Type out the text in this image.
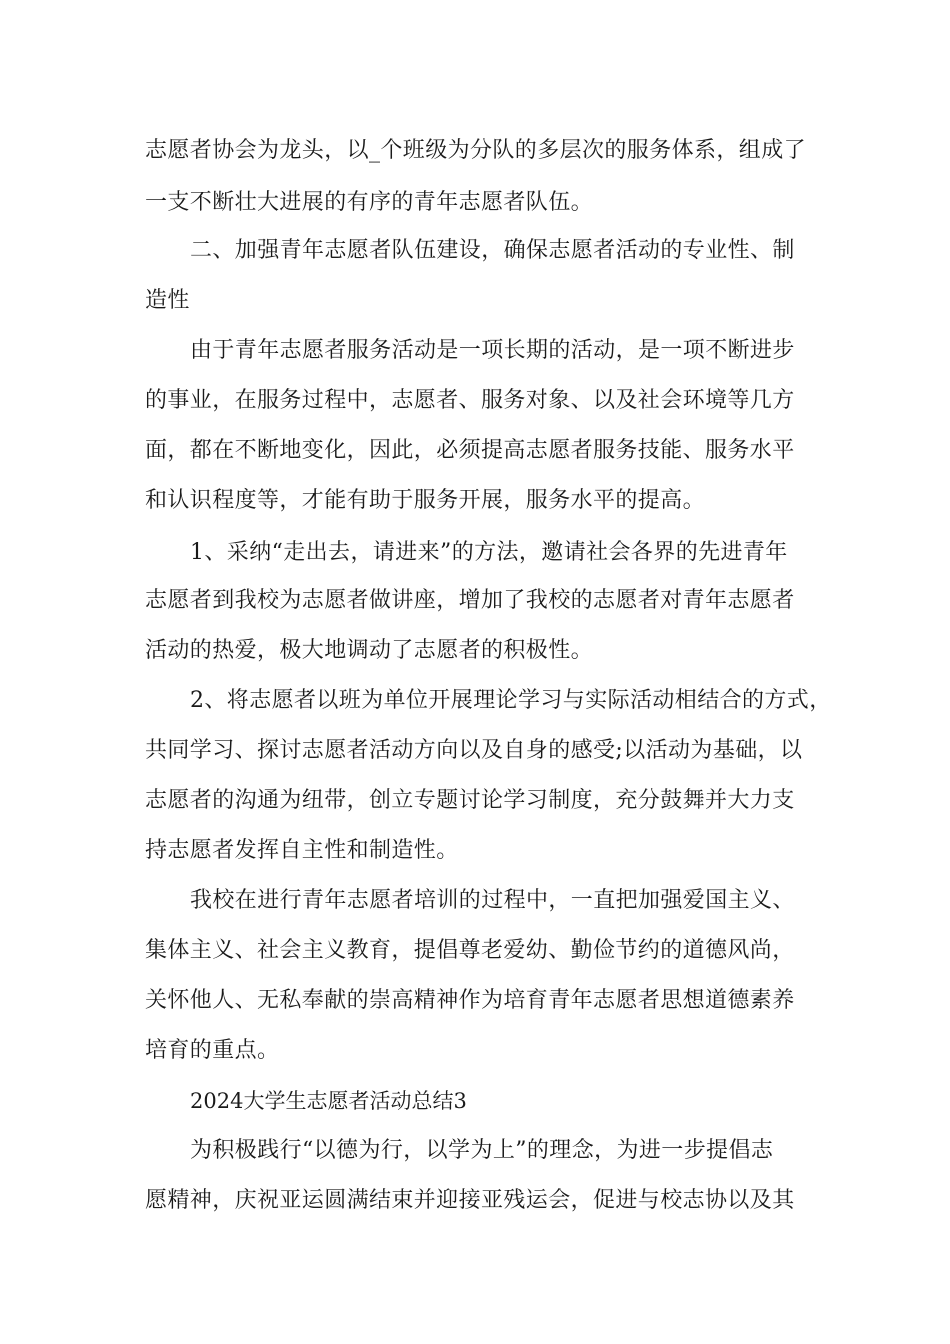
志愿者协会为龙头，以_个班级为分队的多层次的服务体系，组成了
一支不断壮大进展的有序的青年志愿者队伍。
二、加强青年志愿者队伍建设，确保志愿者活动的专业性、制
造性
由于青年志愿者服务活动是一项长期的活动，是一项不断进步
的事业，在服务过程中，志愿者、服务对象、以及社会环境等几方
面，都在不断地变化，因此，必须提高志愿者服务技能、服务水平
和认识程度等，才能有助于服务开展，服务水平的提高。
1、采纳“走出去，请进来”的方法，邀请社会各界的先进青年
志愿者到我校为志愿者做讲座，增加了我校的志愿者对青年志愿者
活动的热爱，极大地调动了志愿者的积极性。
2、将志愿者以班为单位开展理论学习与实际活动相结合的方式，
共同学习、探讨志愿者活动方向以及自身的感受;以活动为基础，以
志愿者的沟通为纽带，创立专题讨论学习制度，充分鼓舞并大力支
持志愿者发挥自主性和制造性。
我校在进行青年志愿者培训的过程中，一直把加强爱国主义、
集体主义、社会主义教育，提倡尊老爱幼、勤俭节约的道德风尚，
关怀他人、无私奉献的崇高精神作为培育青年志愿者思想道德素养
培育的重点。
2024大学生志愿者活动总结3
为积极践行“以德为行，以学为上”的理念，为进一步提倡志
愿精神，庆祝亚运圆满结束并迎接亚残运会，促进与校志协以及其
